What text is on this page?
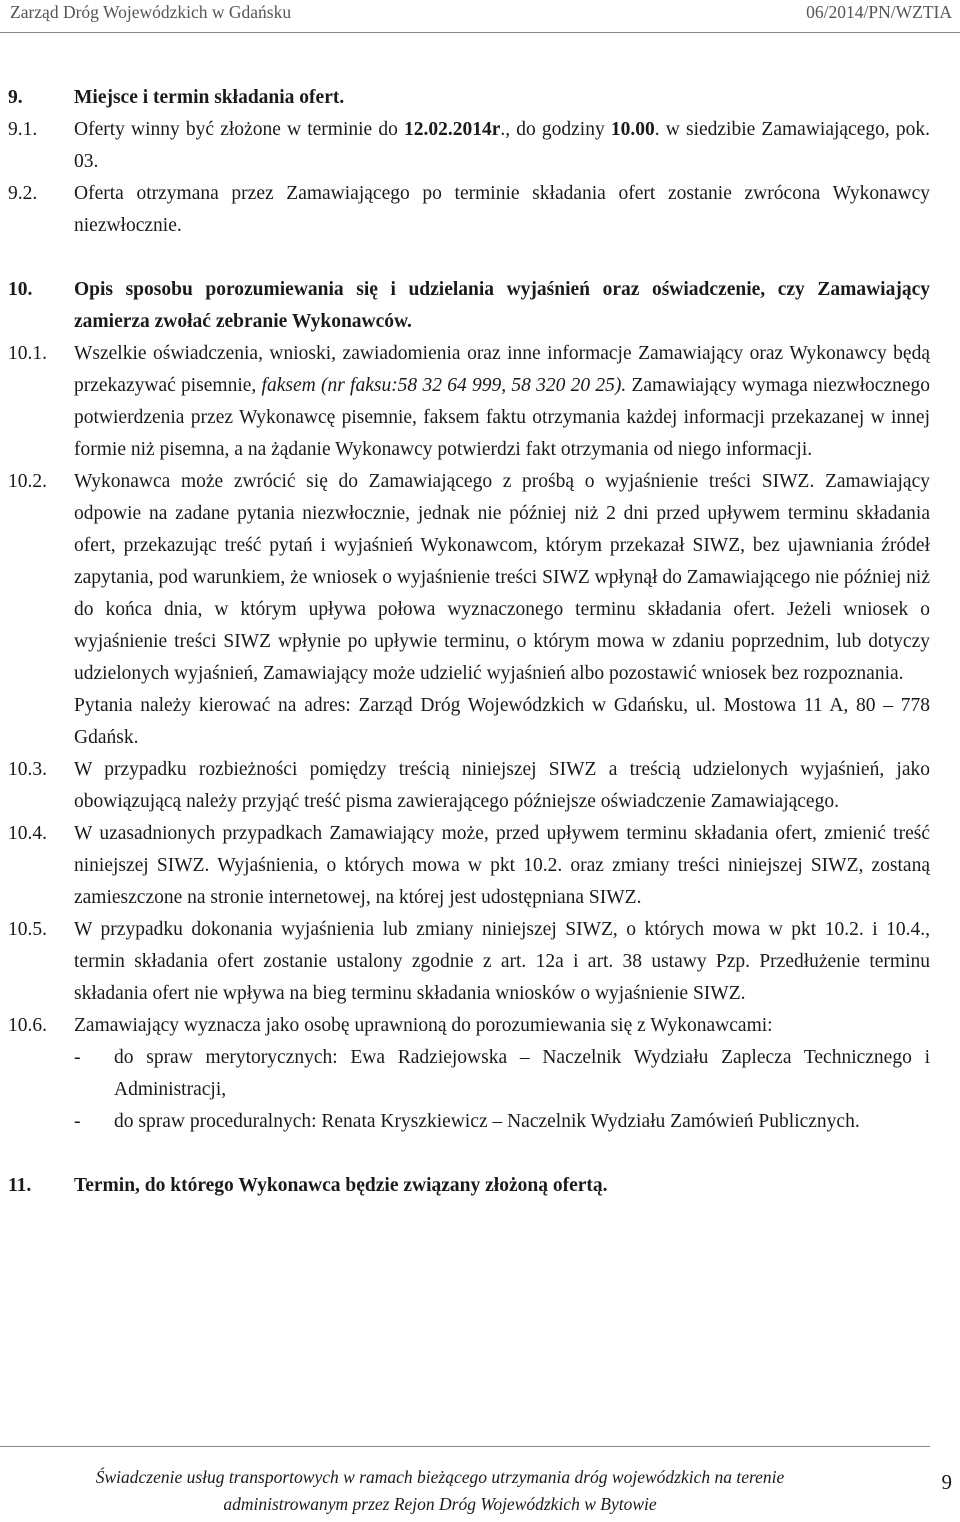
Zarząd Dróg Wojewódzkich w Gdańsku	06/2014/PN/WZTIA
9.	Miejsce i termin składania ofert.
9.1. Oferty winny być złożone w terminie do 12.02.2014r., do godziny 10.00. w siedzibie Zamawiającego, pok. 03.
9.2. Oferta otrzymana przez Zamawiającego po terminie składania ofert zostanie zwrócona Wykonawcy niezwłocznie.
10. Opis sposobu porozumiewania się i udzielania wyjaśnień oraz oświadczenie, czy Zamawiający zamierza zwołać zebranie Wykonawców.
10.1. Wszelkie oświadczenia, wnioski, zawiadomienia oraz inne informacje Zamawiający oraz Wykonawcy będą przekazywać pisemnie, faksem (nr faksu:58 32 64 999, 58 320 20 25). Zamawiający wymaga niezwłocznego potwierdzenia przez Wykonawcę pisemnie, faksem faktu otrzymania każdej informacji przekazanej w innej formie niż pisemna, a na żądanie Wykonawcy potwierdzi fakt otrzymania od niego informacji.
10.2. Wykonawca może zwrócić się do Zamawiającego z prośbą o wyjaśnienie treści SIWZ. Zamawiający odpowie na zadane pytania niezwłocznie, jednak nie później niż 2 dni przed upływem terminu składania ofert, przekazując treść pytań i wyjaśnień Wykonawcom, którym przekazał SIWZ, bez ujawniania źródeł zapytania, pod warunkiem, że wniosek o wyjaśnienie treści SIWZ wpłynął do Zamawiającego nie później niż do końca dnia, w którym upływa połowa wyznaczonego terminu składania ofert. Jeżeli wniosek o wyjaśnienie treści SIWZ wpłynie po upływie terminu, o którym mowa w zdaniu poprzednim, lub dotyczy udzielonych wyjaśnień, Zamawiający może udzielić wyjaśnień albo pozostawić wniosek bez rozpoznania.
Pytania należy kierować na adres: Zarząd Dróg Wojewódzkich w Gdańsku, ul. Mostowa 11 A, 80 – 778 Gdańsk.
10.3. W przypadku rozbieżności pomiędzy treścią niniejszej SIWZ a treścią udzielonych wyjaśnień, jako obowiązującą należy przyjąć treść pisma zawierającego późniejsze oświadczenie Zamawiającego.
10.4. W uzasadnionych przypadkach Zamawiający może, przed upływem terminu składania ofert, zmienić treść niniejszej SIWZ. Wyjaśnienia, o których mowa w pkt 10.2. oraz zmiany treści niniejszej SIWZ, zostaną zamieszczone na stronie internetowej, na której jest udostępniana SIWZ.
10.5. W przypadku dokonania wyjaśnienia lub zmiany niniejszej SIWZ, o których mowa w pkt 10.2. i 10.4., termin składania ofert zostanie ustalony zgodnie z art. 12a i art. 38 ustawy Pzp. Przedłużenie terminu składania ofert nie wpływa na bieg terminu składania wniosków o wyjaśnienie SIWZ.
10.6. Zamawiający wyznacza jako osobę uprawnioną do porozumiewania się z Wykonawcami:
- do spraw merytorycznych: Ewa Radziejowska – Naczelnik Wydziału Zaplecza Technicznego i Administracji,
- do spraw proceduralnych: Renata Kryszkiewicz – Naczelnik Wydziału Zamówień Publicznych.
11. Termin, do którego Wykonawca będzie związany złożoną ofertą.
Świadczenie usług transportowych w ramach bieżącego utrzymania dróg wojewódzkich na terenie
administrowanym przez Rejon Dróg Wojewódzkich w Bytowie
9
